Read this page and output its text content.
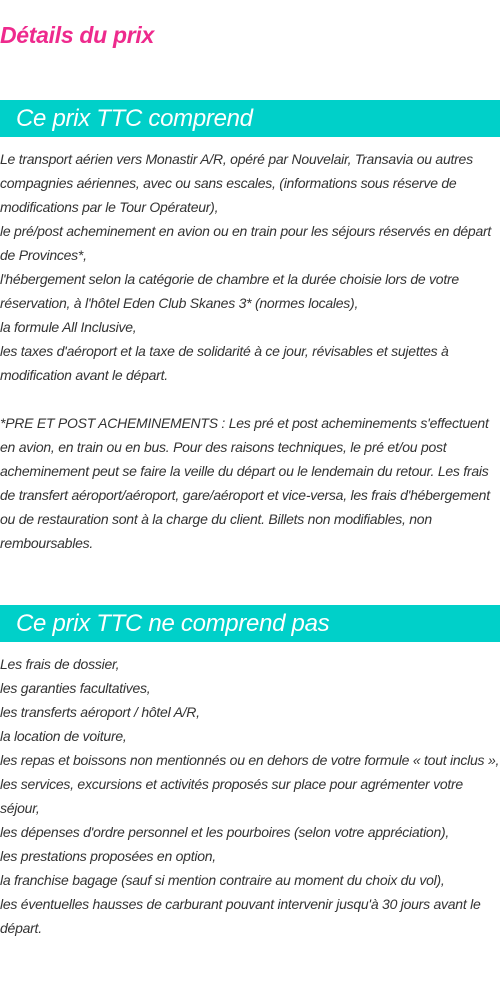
Détails du prix
Ce prix TTC comprend

Le transport aérien vers Monastir A/R, opéré par Nouvelair, Transavia ou autres compagnies aériennes, avec ou sans escales, (informations sous réserve de modifications par le Tour Opérateur),

le pré/post acheminement en avion ou en train pour les séjours réservés en départ de Provinces*,

l'hébergement selon la catégorie de chambre et la durée choisie lors de votre réservation, à l'hôtel Eden Club Skanes 3* (normes locales),

la formule All Inclusive,

les taxes d'aéroport et la taxe de solidarité à ce jour, révisables et sujettes à modification avant le départ.

*PRE ET POST ACHEMINEMENTS : Les pré et post acheminements s'effectuent en avion, en train ou en bus. Pour des raisons techniques, le pré et/ou post acheminement peut se faire la veille du départ ou le lendemain du retour. Les frais de transfert aéroport/aéroport, gare/aéroport et vice-versa, les frais d'hébergement ou de restauration sont à la charge du client. Billets non modifiables, non remboursables.

Ce prix TTC ne comprend pas

Les frais de dossier,

les garanties facultatives,

les transferts aéroport / hôtel A/R,

la location de voiture,

les repas et boissons non mentionnés ou en dehors de votre formule « tout inclus »,

les services, excursions et activités proposés sur place pour agrémenter votre séjour,

les dépenses d'ordre personnel et les pourboires (selon votre appréciation),

les prestations proposées en option,

la franchise bagage (sauf si mention contraire au moment du choix du vol),

les éventuelles hausses de carburant pouvant intervenir jusqu'à 30 jours avant le départ.
